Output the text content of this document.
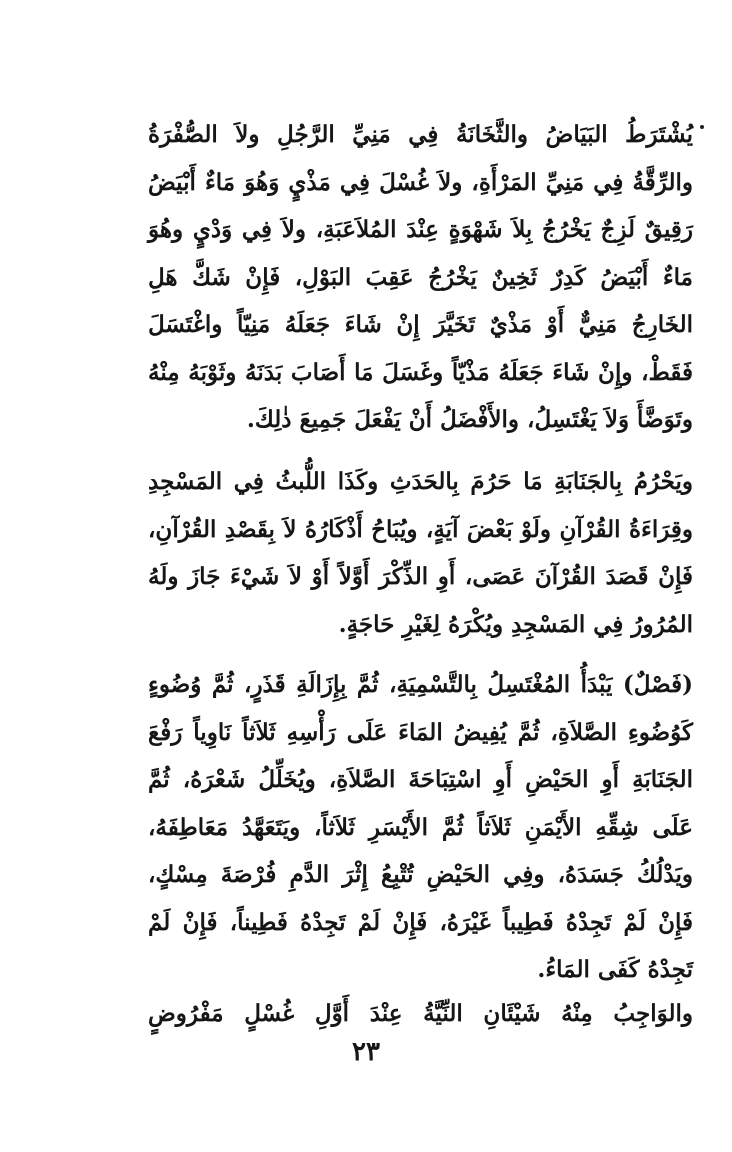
يُشْتَرَطُ البَيَاضُ والثَّخَانَةُ فِي مَنِيِّ الرَّجُلِ ولاَ الصُّفْرَةُ والرِّقَّةُ فِي مَنِيِّ المَرْأَةِ، ولاَ غُسْلَ فِي مَذْيٍ وَهُوَ مَاءٌ أَبْيَضُ رَقِيقٌ لَزِجٌ يَخْرُجُ بِلاَ شَهْوَةٍ عِنْدَ المُلاَعَبَةِ، ولاَ فِي وَدْيٍ وهُوَ مَاءٌ أَبْيَضُ كَدِرٌ ثَخِينٌ يَخْرُجُ عَقِبَ البَوْلِ، فَإِنْ شَكَّ هَلِ الخَارِجُ مَنِيٌّ أَوْ مَذْيٌ تَخَيَّرَ إِنْ شَاءَ جَعَلَهُ مَنِيّاً واغْتَسَلَ فَقَطْ، وإِنْ شَاءَ جَعَلَهُ مَذْيّاً وغَسَلَ مَا أَصَابَ بَدَنَهُ وثَوْبَهُ مِنْهُ وتَوَضَّأَ وَلاَ يَغْتَسِلُ، والأَفْضَلُ أَنْ يَفْعَلَ جَمِيعَ ذٰلِكَ.

ويَحْرُمُ بِالجَنَابَةِ مَا حَرُمَ بِالحَدَثِ وكَذَا اللُّبثُ فِي المَسْجِدِ وقِرَاءَةُ القُرْآنِ ولَوْ بَعْضَ آيَةٍ، ويُبَاحُ أَذْكَارُهُ لاَ بِقَصْدِ القُرْآنِ، فَإِنْ قَصَدَ القُرْآنَ عَصَى، أَوِ الذِّكْرَ أَوَّلاً أَوْ لاَ شَيْءَ جَازَ ولَهُ المُرُورُ فِي المَسْجِدِ ويُكْرَهُ لِغَيْرِ حَاجَةٍ.

(فَصْلٌ) يَبْدَأُ المُغْتَسِلُ بِالتَّسْمِيَةِ، ثُمَّ بِإِزَالَةِ قَذَرٍ، ثُمَّ وُضُوءٍ كَوُضُوءِ الصَّلاَةِ، ثُمَّ يُفِيضُ المَاءَ عَلَى رَأْسِهِ ثَلاَثاً نَاوِياً رَفْعَ الجَنَابَةِ أَوِ الحَيْضِ أَوِ اسْتِبَاحَةَ الصَّلاَةِ، ويُخَلِّلُ شَعْرَهُ، ثُمَّ عَلَى شِقِّهِ الأَيْمَنِ ثَلاَثاً ثُمَّ الأَيْسَرِ ثَلاَثاً، ويَتَعَهَّدُ مَعَاطِفَهُ، ويَدْلُكُ جَسَدَهُ، وفِي الحَيْضِ تُتْبِعُ إِثْرَ الدَّمِ فُرْصَةَ مِسْكٍ، فَإِنْ لَمْ تَجِدْهُ فَطِيباً غَيْرَهُ، فَإِنْ لَمْ تَجِدْهُ فَطِيناً، فَإِنْ لَمْ تَجِدْهُ كَفَى المَاءُ.

والوَاجِبُ مِنْهُ شَيْئَانِ النِّيَّةُ عِنْدَ أَوَّلِ غُسْلٍ مَفْرُوضٍ

٢٣
